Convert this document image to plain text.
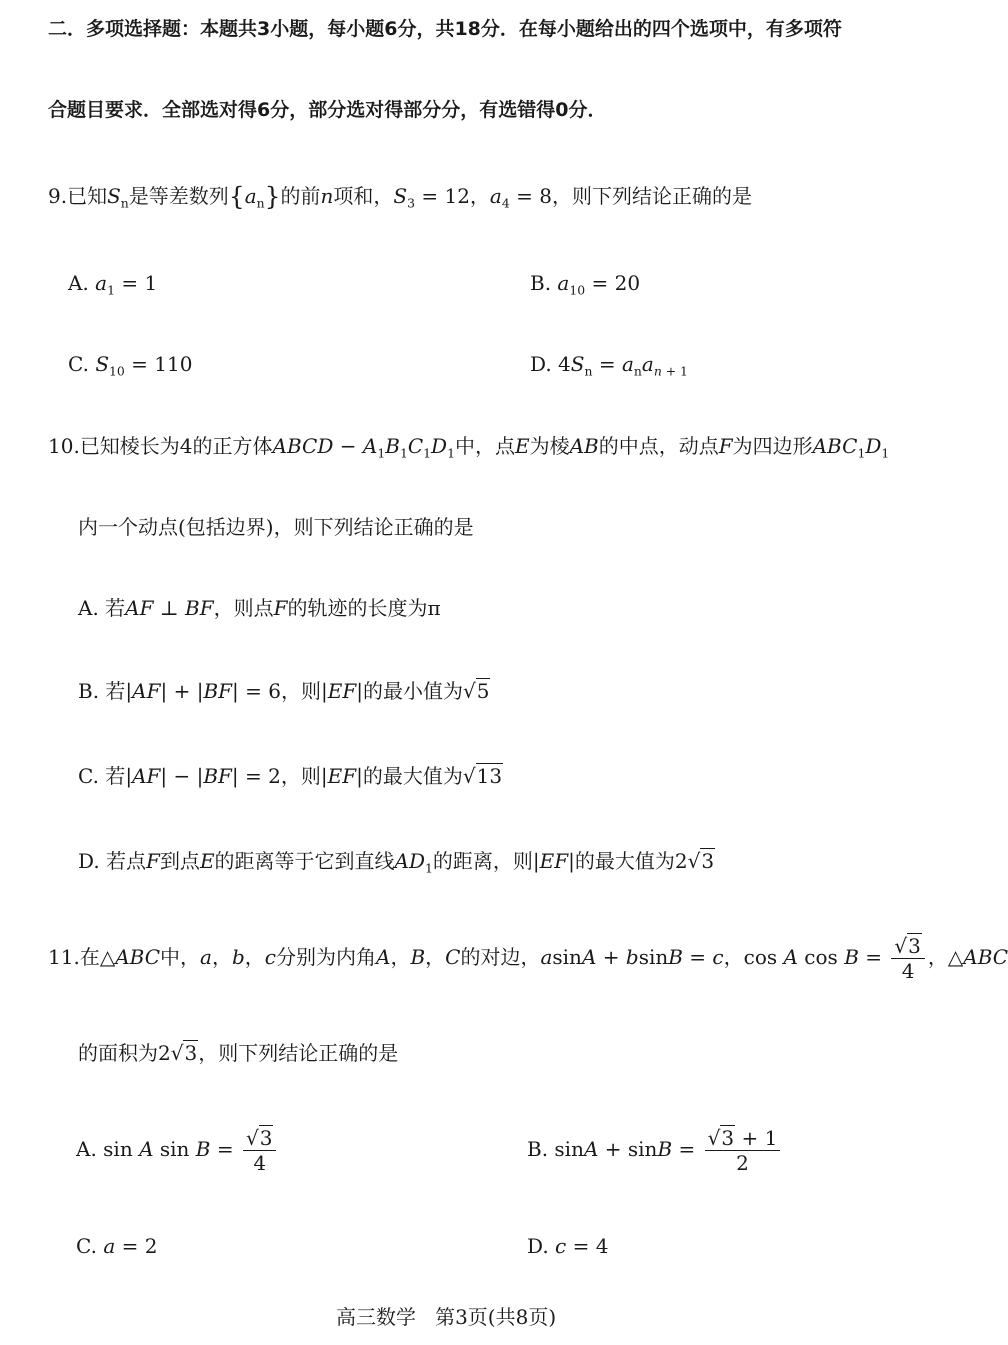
二．多项选择题：本题共3小题，每小题6分，共18分．在每小题给出的四个选项中，有多项符
合题目要求．全部选对得6分，部分选对得部分分，有选错得0分．
9.已知$S_n$是等差数列$\{a_n\}$的前n项和，$S_3 = 12$，$a_4 = 8$，则下列结论正确的是
A. $a_1 = 1$	B. $a_{10} = 20$
C. $S_{10} = 110$	D. $4S_n = a_na_{n + 1}$
10.已知棱长为4的正方体ABCD − $A_1B_1C_1D_1$中，点E为棱AB的中点，动点F为四边形$ABC_1D_1$
内一个动点(包括边界)，则下列结论正确的是
A. 若AF ⊥ BF，则点F的轨迹的长度为π
B. 若|AF| + |BF| = 6，则|EF|的最小值为√5
C. 若|AF| − |BF| = 2，则|EF|的最大值为√13
D. 若点F到点E的距离等于它到直线$AD_1$的距离，则|EF|的最大值为2√3
11.在△ABC中，a，b，c分别为内角A，B，C的对边，asinA + bsinB = c，cos A $\cos B = \frac{√3}{4}$ ，△ABC
的面积为2√3，则下列结论正确的是
A. sin A $\sin B = \frac{√3}{4}$	B. $\sin A + \sin B = \frac{√3 + 1}{2}$
C. a = 2	D. c = 4
高三数学 第3页(共8页)
